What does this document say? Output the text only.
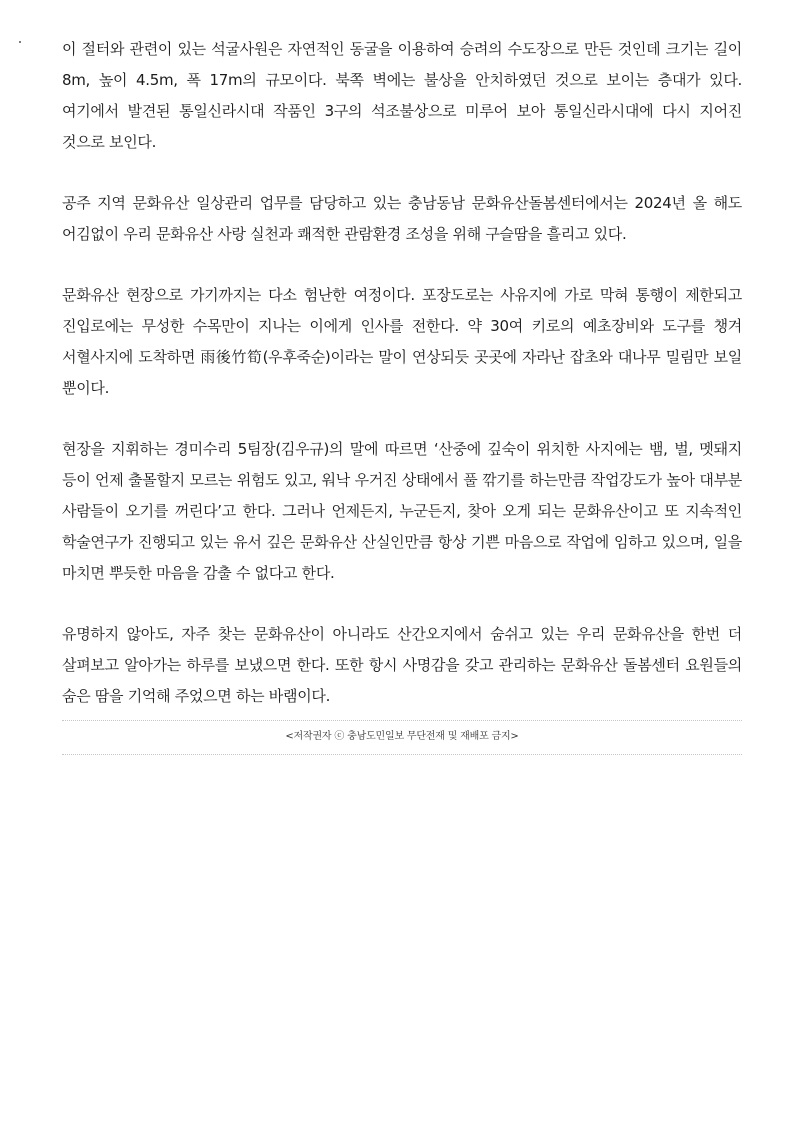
이 절터와 관련이 있는 석굴사원은 자연적인 동굴을 이용하여 승려의 수도장으로 만든 것인데 크기는 길이 8m, 높이 4.5m, 폭 17m의 규모이다. 북쪽 벽에는 불상을 안치하였던 것으로 보이는 층대가 있다. 여기에서 발견된 통일신라시대 작품인 3구의 석조불상으로 미루어 보아 통일신라시대에 다시 지어진 것으로 보인다.

공주 지역 문화유산 일상관리 업무를 담당하고 있는 충남동남 문화유산돌봄센터에서는 2024년 올 해도 어김없이 우리 문화유산 사랑 실천과 쾌적한 관람환경 조성을 위해 구슬땀을 흘리고 있다.

문화유산 현장으로 가기까지는 다소 험난한 여정이다. 포장도로는 사유지에 가로 막혀 통행이 제한되고 진입로에는 무성한 수목만이 지나는 이에게 인사를 전한다. 약 30여 키로의 예초장비와 도구를 챙겨 서혈사지에 도착하면 雨後竹筍(우후죽순)이라는 말이 연상되듯 곳곳에 자라난 잡초와 대나무 밀림만 보일 뿐이다.

현장을 지휘하는 경미수리 5팀장(김우규)의 말에 따르면 ‘산중에 깊숙이 위치한 사지에는 뱀, 벌, 멧돼지 등이 언제 출몰할지 모르는 위험도 있고, 워낙 우거진 상태에서 풀 깎기를 하는만큼 작업강도가 높아 대부분 사람들이 오기를 꺼린다’고 한다. 그러나 언제든지, 누군든지, 찾아 오게 되는 문화유산이고 또 지속적인 학술연구가 진행되고 있는 유서 깊은 문화유산 산실인만큼 항상 기쁜 마음으로 작업에 임하고 있으며, 일을 마치면 뿌듯한 마음을 감출 수 없다고 한다.

유명하지 않아도, 자주 찾는 문화유산이 아니라도 산간오지에서 숨쉬고 있는 우리 문화유산을 한번 더 살펴보고 알아가는 하루를 보냈으면 한다. 또한 항시 사명감을 갖고 관리하는 문화유산 돌봄센터 요원들의 숨은 땀을 기억해 주었으면 하는 바램이다.

<저작권자 ⓒ 충남도민일보 무단전재 및 재배포 금지>
